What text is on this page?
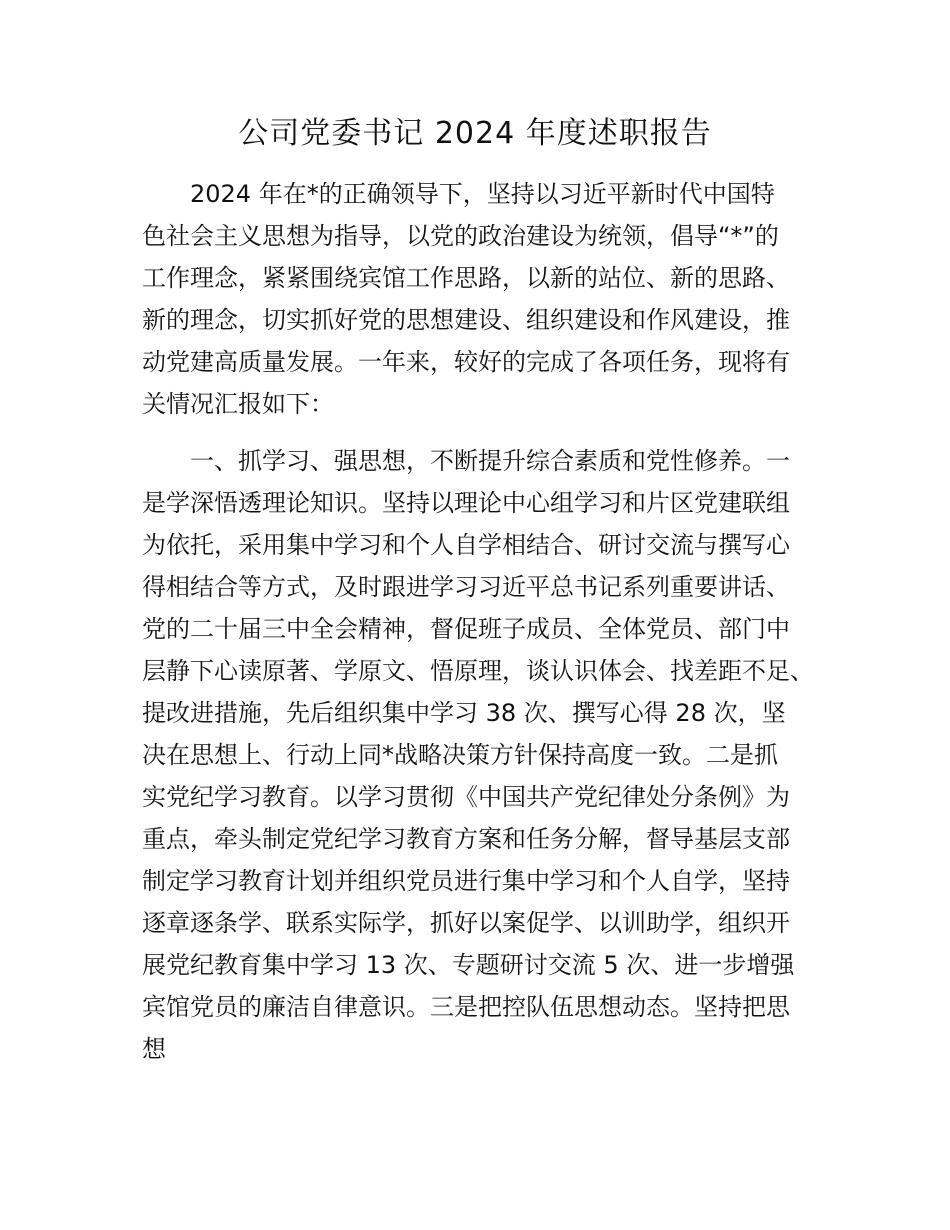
公司党委书记 2024 年度述职报告
2024 年在*的正确领导下，坚持以习近平新时代中国特
色社会主义思想为指导，以党的政治建设为统领，倡导“*”的
工作理念，紧紧围绕宾馆工作思路，以新的站位、新的思路、
新的理念，切实抓好党的思想建设、组织建设和作风建设，推
动党建高质量发展。一年来，较好的完成了各项任务，现将有
关情况汇报如下：
一、抓学习、强思想，不断提升综合素质和党性修养。一
是学深悟透理论知识。坚持以理论中心组学习和片区党建联组
为依托，采用集中学习和个人自学相结合、研讨交流与撰写心
得相结合等方式，及时跟进学习习近平总书记系列重要讲话、
党的二十届三中全会精神，督促班子成员、全体党员、部门中
层静下心读原著、学原文、悟原理，谈认识体会、找差距不足、
提改进措施，先后组织集中学习 38 次、撰写心得 28 次，坚
决在思想上、行动上同*战略决策方针保持高度一致。二是抓
实党纪学习教育。以学习贯彻《中国共产党纪律处分条例》为
重点，牵头制定党纪学习教育方案和任务分解，督导基层支部
制定学习教育计划并组织党员进行集中学习和个人自学，坚持
逐章逐条学、联系实际学，抓好以案促学、以训助学，组织开
展党纪教育集中学习 13 次、专题研讨交流 5 次、进一步增强
宾馆党员的廉洁自律意识。三是把控队伍思想动态。坚持把思
想
